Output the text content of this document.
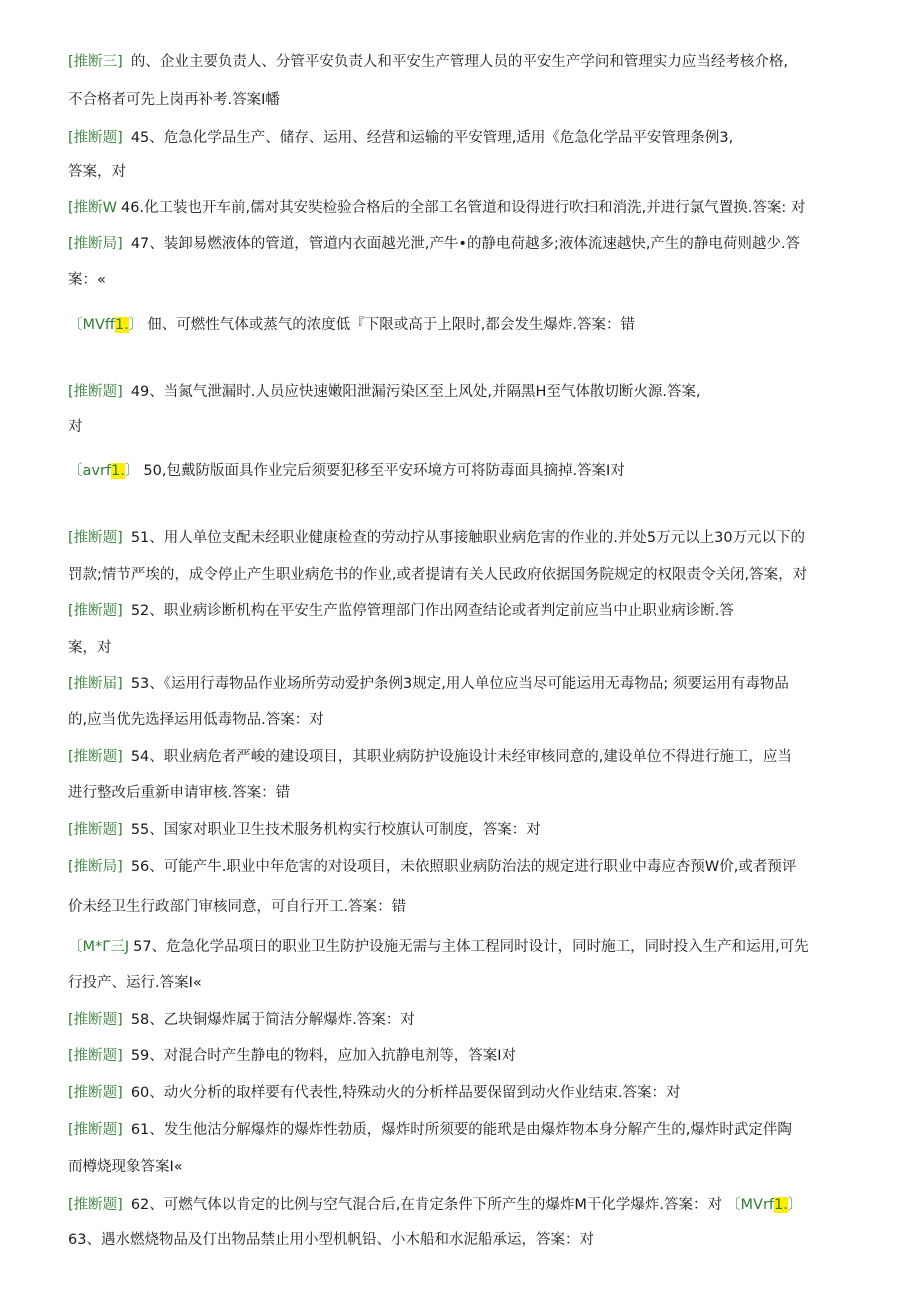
[推断三] 的、企业主要负责人、分管平安负责人和平安生产管理人员的平安生产学问和管理实力应当经考核介格,
不合格者可先上岗再补考.答案I幡
[推断题] 45、危急化学品生产、储存、运用、经营和运输的平安管理,适用《危急化学品平安管理条例3,
答案，对
[推断W 46.化工装也开车前,儒对其安奘检验合格后的全部工名管道和设得进行吹扫和消洗,并进行氯气置换.答案: 对
[推断局] 47、装卸易燃液体的管道，管道内衣面越光泄,产牛•的静电荷越多;液体流速越快,产生的静电荷则越少.答
案：«
〔MVff1.〕 佃、可燃性气体或蒸气的浓度低『下限或高于上限时,都会发生爆炸.答案：错
[推断题] 49、当氮气泄漏时.人员应快速嫩阳泄漏污染区至上风处,并隔黑H至气体散切断火源.答案,
对
〔avrf1.〕 50,包戴防版面具作业完后须要犯移至平安环境方可将防毒面具摘掉.答案I对
[推断题] 51、用人单位支配未经职业健康检查的劳动拧从事接触职业病危害的作业的.并处5万元以上30万元以下的
罚款;情节严埃的，成令停止产生职业病危书的作业,或者提请有关人民政府依据国务院规定的权限责令关闭,答案，对
[推断题] 52、职业病诊断机构在平安生产监停管理部门作出网查结论或者判定前应当中止职业病诊断.答
案，对
[推断届] 53、《运用行毒物品作业场所劳动爱护条例3规定,用人单位应当尽可能运用无毒物品; 须要运用有毒物品
的,应当优先选择运用低毒物品.答案：对
[推断题] 54、职业病危者严峻的建设项目，其职业病防护设施设计未经审核同意的,建设单位不得进行施工，应当
进行整改后重新申请审核.答案：错
[推断题] 55、国家对职业卫生技术服务机构实行校旗认可制度，答案：对
[推断局] 56、可能产牛.职业中年危害的对设项目，未依照职业病防治法的规定进行职业中毒应杏预W价,或者预评
价未经卫生行政部门审核同意，可自行开工.答案：错
〔M*Γ三J 57、危急化学品项日的职业卫生防护设施无需与主体工程同时设计，同时施工，同时投入生产和运用,可先
行投产、运行.答案I«
[推断题] 58、乙块铜爆炸属于简洁分解爆炸.答案：对
[推断题] 59、对混合时产生静电的物料，应加入抗静电剂等，答案I对
[推断题] 60、动火分析的取样要有代表性,特殊动火的分析样品要保留到动火作业结束.答案：对
[推断题] 61、发生他沽分解爆炸的爆炸性勃质，爆炸时所须要的能玳是由爆炸物本身分解产生的,爆炸时武定伴陶
而樽烧现象答案I«
[推断题] 62、可燃气体以肯定的比例与空气混合后,在肯定条件下所产生的爆炸M干化学爆炸.答案：对 〔MVrf1.〕
63、遇水燃烧物品及仃出物品禁止用小型机帆铅、小木船和水泥船承运，答案：对
